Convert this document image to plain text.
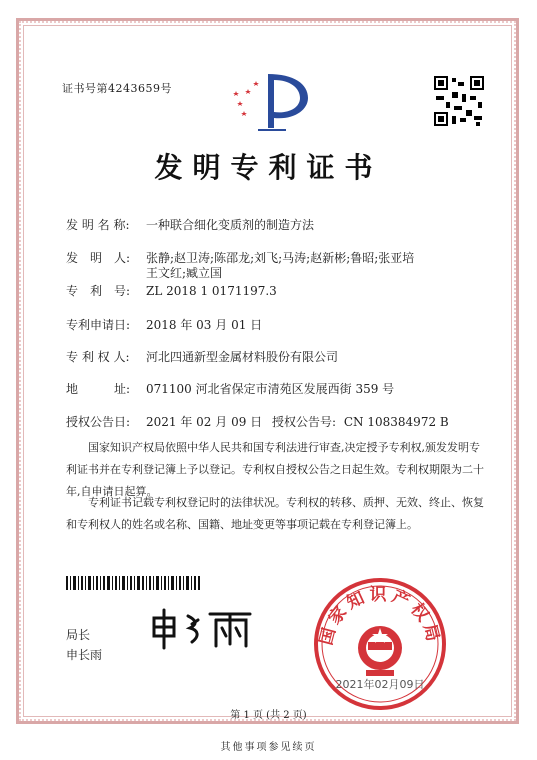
证书号第4243659号
发明专利证书
发 明 名 称: 一种联合细化变质剂的制造方法
发　明　人: 张静;赵卫涛;陈邵龙;刘飞;马涛;赵新彬;鲁昭;张亚培
王文红;臧立国
专　利　号: ZL 2018 1 0171197.3
专利申请日: 2018 年 03 月 01 日
专 利 权 人: 河北四通新型金属材料股份有限公司
地　　　址: 071100 河北省保定市清苑区发展西街 359 号
授权公告日: 2021 年 02 月 09 日 授权公告号: CN 108384972 B
国家知识产权局依照中华人民共和国专利法进行审查,决定授予专利权,颁发发明专利证书并在专利登记簿上予以登记。专利权自授权公告之日起生效。专利权期限为二十年,自申请日起算。
专利证书记载专利权登记时的法律状况。专利权的转移、质押、无效、终止、恢复和专利权人的姓名或名称、国籍、地址变更等事项记载在专利登记簿上。
局长
申长雨
国家知识产权局
2021年02月09日
第 1 页 (共 2 页)
其他事项参见续页
